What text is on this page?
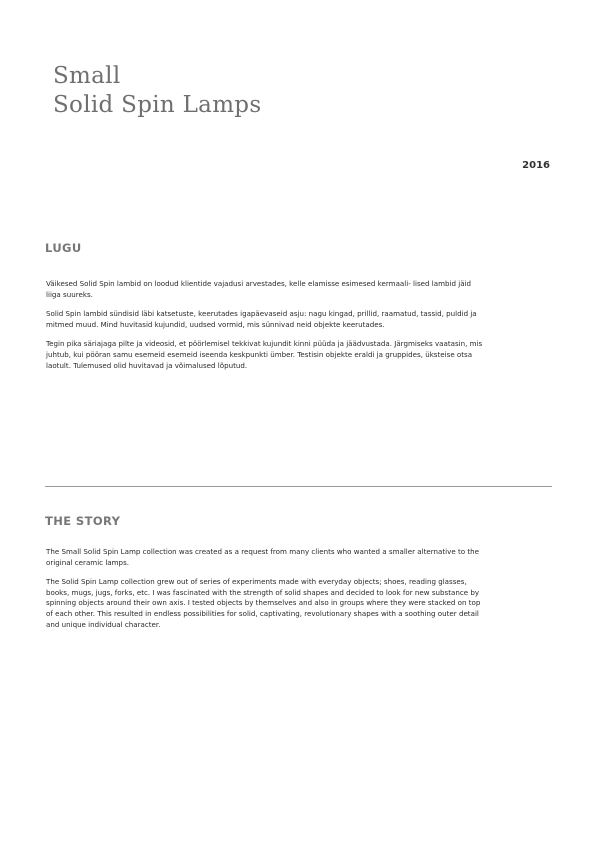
Small
Solid Spin Lamps
2016
LUGU

Väikesed Solid Spin lambid on loodud klientide vajadusi arvestades, kelle elamisse esimesed kermaali- lised lambid jäid liiga suureks.

Solid Spin lambid sündisid läbi katsetuste, keerutades igapäevaseid asju: nagu kingad, prillid, raamatud, tassid, puldid ja mitmed muud. Mind huvitasid kujundid, uudsed vormid, mis sünnivad neid objekte keerutades.

Tegin pika säriajaga pilte ja videosid, et pöörlemisel tekkivat kujundit kinni püüda ja jäädvustada. Järgmiseks vaatasin, mis juhtub, kui pööran samu esemeid esemeid iseenda keskpunkti ümber. Testisin objekte eraldi ja gruppides, üksteise otsa laotult. Tulemused olid huvitavad ja võimalused lõputud.

THE STORY

The Small Solid Spin Lamp collection was created as a request from many clients who wanted a smaller alternative to the original ceramic lamps.

The Solid Spin Lamp collection grew out of series of experiments made with everyday objects; shoes, reading glasses, books, mugs, jugs, forks, etc. I was fascinated with the strength of solid shapes and decided to look for new substance by spinning objects around their own axis. I tested objects by themselves and also in groups where they were stacked on top of each other. This resulted in endless possibilities for solid, captivating, revolutionary shapes with a soothing outer detail and unique individual character.
